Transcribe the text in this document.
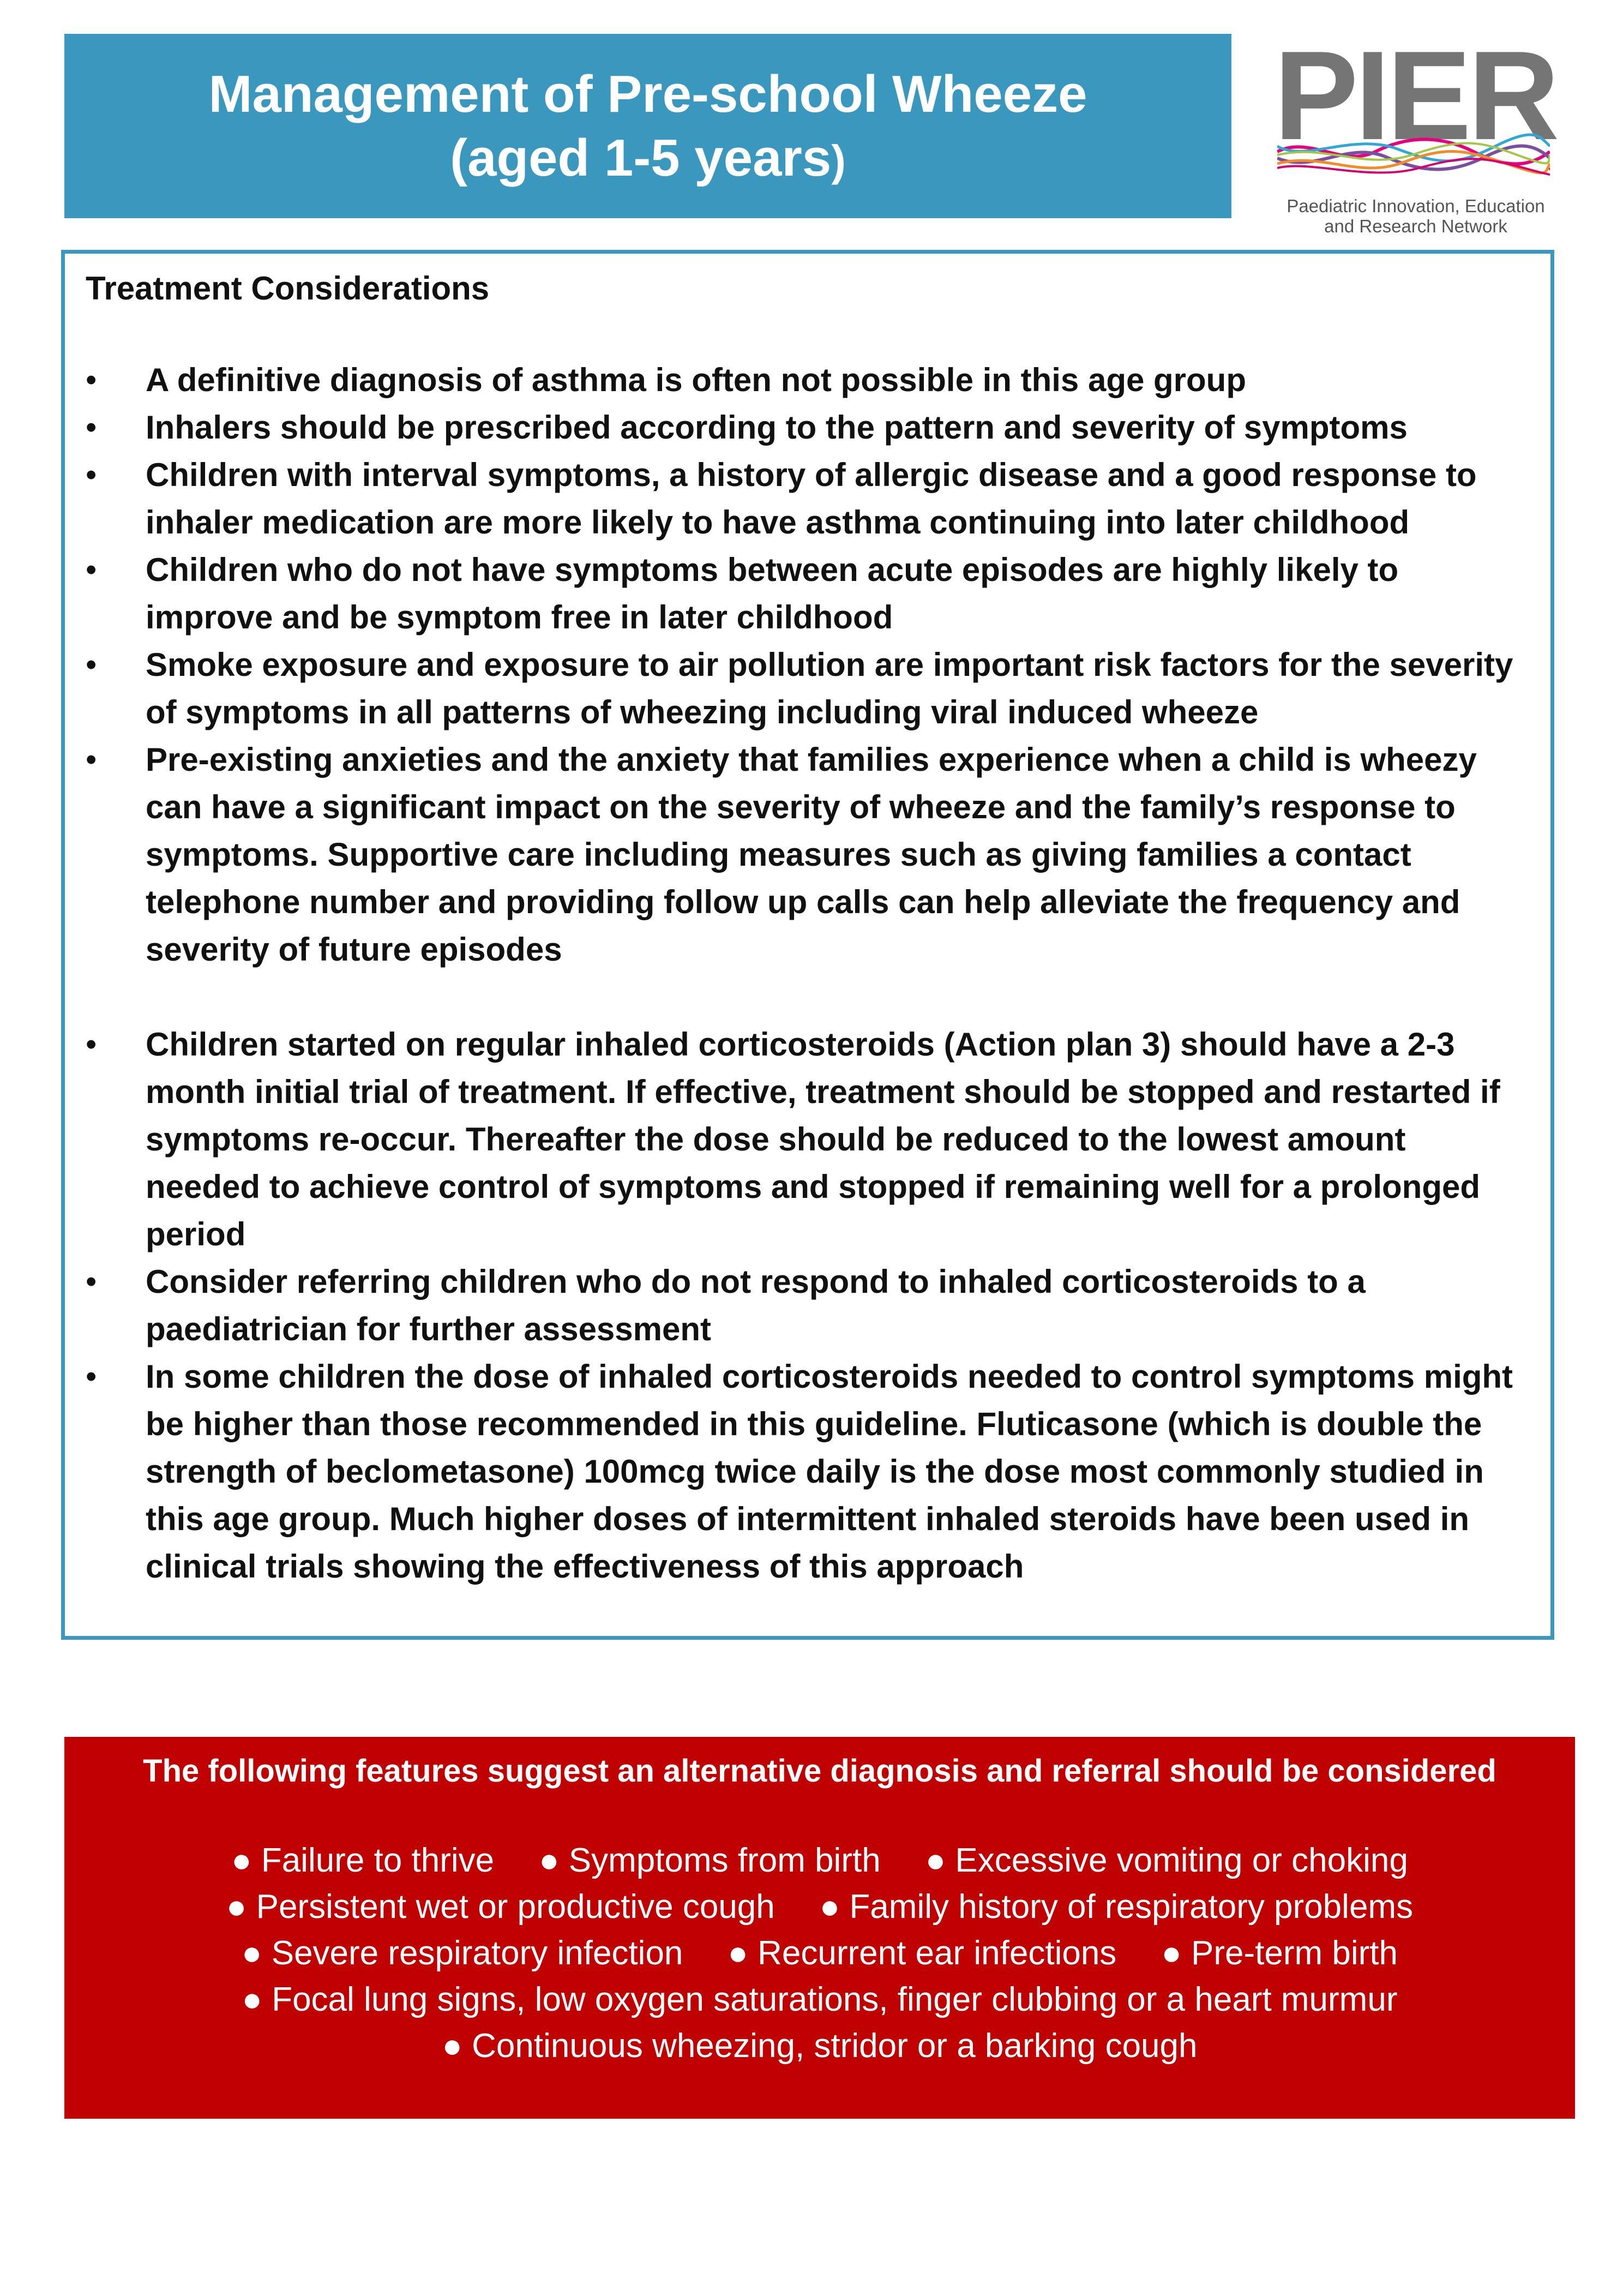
Management of Pre-school Wheeze
(aged 1-5 years)	PIER
Paediatric Innovation, Education
and Research Network
Treatment Considerations
• A definitive diagnosis of asthma is often not possible in this age group
• Inhalers should be prescribed according to the pattern and severity of symptoms
• Children with interval symptoms, a history of allergic disease and a good response to inhaler medication are more likely to have asthma continuing into later childhood
• Children who do not have symptoms between acute episodes are highly likely to improve and be symptom free in later childhood
• Smoke exposure and exposure to air pollution are important risk factors for the severity of symptoms in all patterns of wheezing including viral induced wheeze
• Pre-existing anxieties and the anxiety that families experience when a child is wheezy can have a significant impact on the severity of wheeze and the family’s response to symptoms. Supportive care including measures such as giving families a contact telephone number and providing follow up calls can help alleviate the frequency and severity of future episodes
• Children started on regular inhaled corticosteroids (Action plan 3) should have a 2-3 month initial trial of treatment. If effective, treatment should be stopped and restarted if symptoms re-occur. Thereafter the dose should be reduced to the lowest amount needed to achieve control of symptoms and stopped if remaining well for a prolonged period
• Consider referring children who do not respond to inhaled corticosteroids to a paediatrician for further assessment
• In some children the dose of inhaled corticosteroids needed to control symptoms might be higher than those recommended in this guideline. Fluticasone (which is double the strength of beclometasone) 100mcg twice daily is the dose most commonly studied in this age group. Much higher doses of intermittent inhaled steroids have been used in clinical trials showing the effectiveness of this approach
The following features suggest an alternative diagnosis and referral should be considered
● Failure to thrive ● Symptoms from birth ● Excessive vomiting or choking
● Persistent wet or productive cough ● Family history of respiratory problems
● Severe respiratory infection ● Recurrent ear infections ● Pre-term birth
● Focal lung signs, low oxygen saturations, finger clubbing or a heart murmur
● Continuous wheezing, stridor or a barking cough
